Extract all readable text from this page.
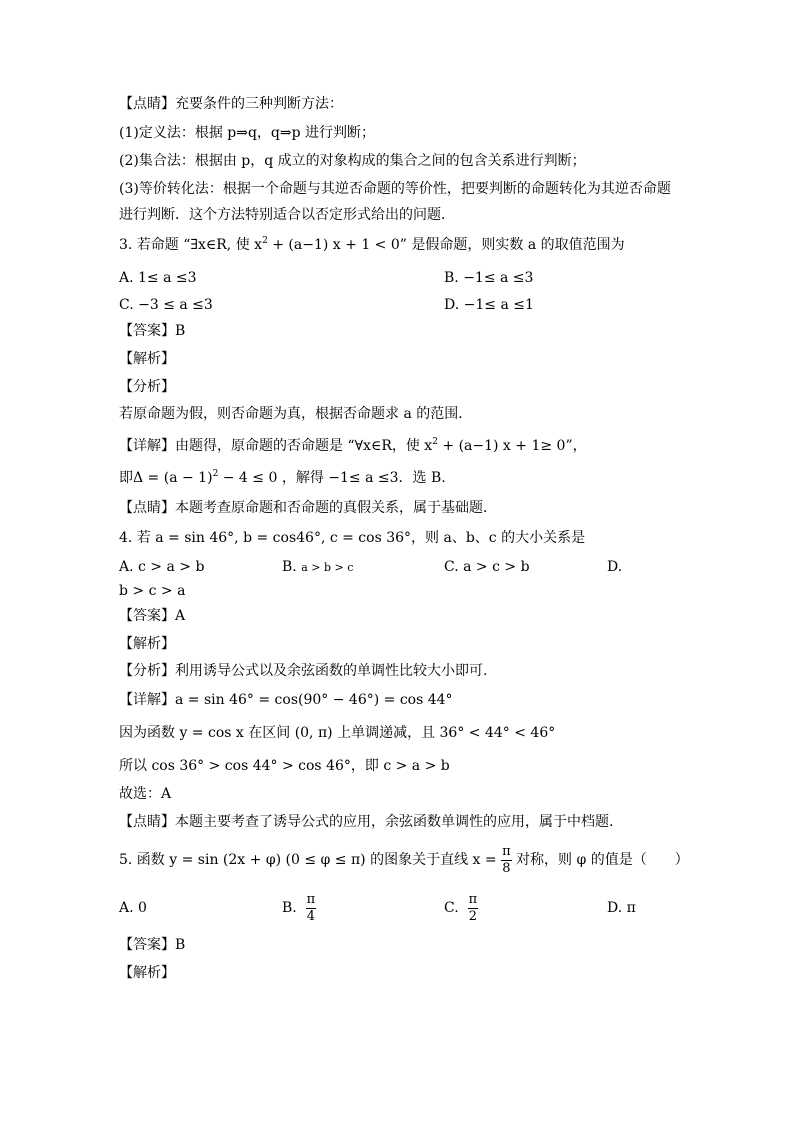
【点睛】充要条件的三种判断方法：
(1)定义法：根据 p⇒q，q⇒p 进行判断；
(2)集合法：根据由 p，q 成立的对象构成的集合之间的包含关系进行判断；
(3)等价转化法：根据一个命题与其逆否命题的等价性，把要判断的命题转化为其逆否命题
进行判断．这个方法特别适合以否定形式给出的问题．
3. 若命题 “∃x∈R, 使 $x^2 + (a-1) x + 1 < 0$” 是假命题，则实数 a 的取值范围为
A. 1≤ a ≤3	B. −1≤ a ≤3
C. −3 ≤ a ≤3	D. −1≤ a ≤1
【答案】B
【解析】
【分析】
若原命题为假，则否命题为真，根据否命题求 a 的范围．
【详解】由题得，原命题的否命题是 “∀x∈R，使 $x^2 + (a-1) x + 1\ge 0$”，
即$\Delta = (a - 1)^2 - 4 \le 0$ ，解得 −1≤ a ≤3．选 B.
【点睛】本题考查原命题和否命题的真假关系，属于基础题．
4. 若 a = sin 46°, b = cos46°, c = cos 36°，则 a、b、c 的大小关系是
A. c > a > b	B. a > b > c	C. a > c > b	D.
b > c > a
【答案】A
【解析】
【分析】利用诱导公式以及余弦函数的单调性比较大小即可.
【详解】a = sin 46° = cos(90° − 46°) = cos 44°
因为函数 y = cos x 在区间 (0, π) 上单调递减，且 36° < 44° < 46°
所以 cos 36° > cos 44° > cos 46°，即 c > a > b
故选：A
【点睛】本题主要考查了诱导公式的应用，余弦函数单调性的应用，属于中档题.
5. 函数 y = sin (2x + φ) (0 ≤ φ ≤ π) 的图象关于直线 $x = \frac{\pi}{8}$ 对称，则 φ 的值是（　　）
A. 0	B. $\frac{\pi}{4}$	C. $\frac{\pi}{2}$	D. π
【答案】B
【解析】
